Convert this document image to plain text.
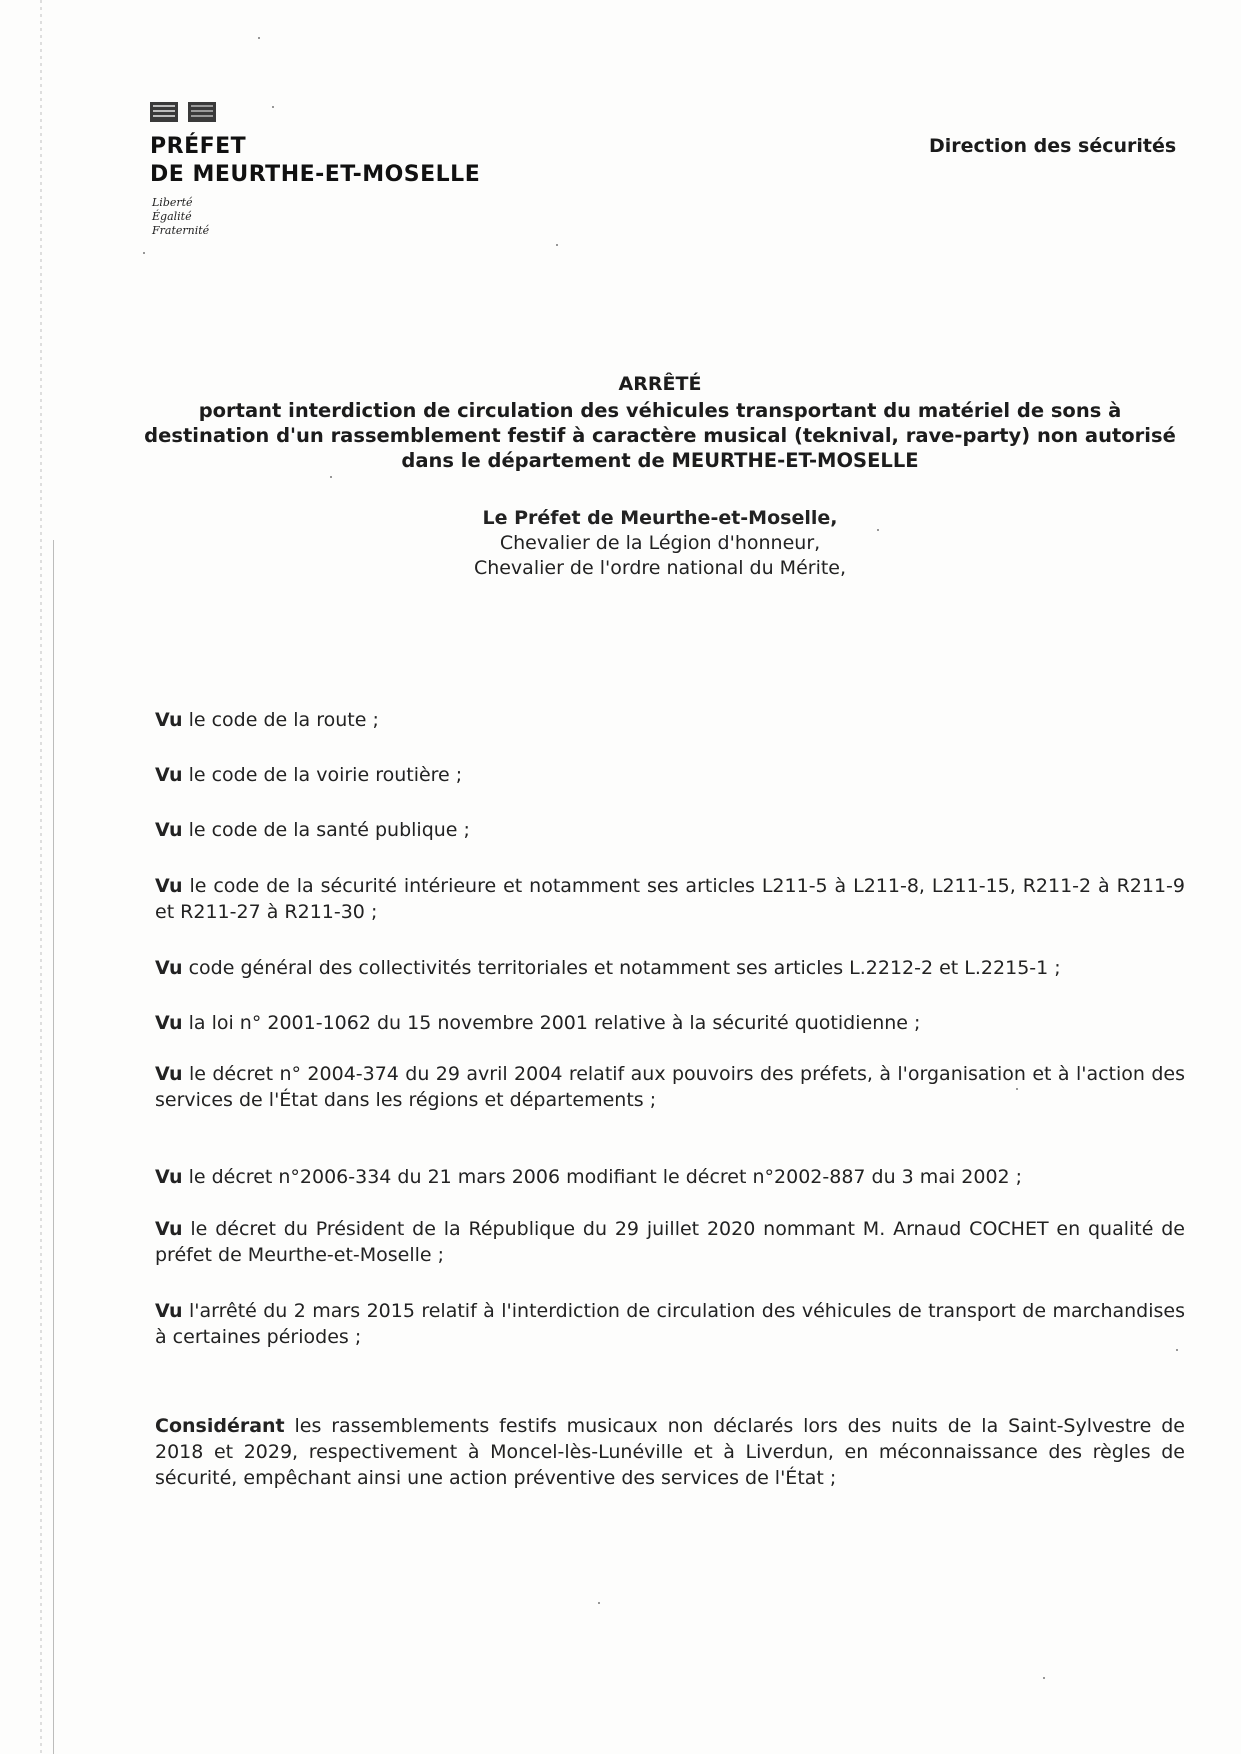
PRÉFET
DE MEURTHE-ET-MOSELLE
Liberté
Égalité
Fraternité
Direction des sécurités
ARRÊTÉ
portant interdiction de circulation des véhicules transportant du matériel de sons à
destination d'un rassemblement festif à caractère musical (teknival, rave-party) non autorisé
dans le département de MEURTHE-ET-MOSELLE
Le Préfet de Meurthe-et-Moselle,
Chevalier de la Légion d'honneur,
Chevalier de l'ordre national du Mérite,
Vu le code de la route ;
Vu le code de la voirie routière ;
Vu le code de la santé publique ;
Vu le code de la sécurité intérieure et notamment ses articles L211-5 à L211-8, L211-15, R211-2 à R211-9 et R211-27 à R211-30 ;
Vu code général des collectivités territoriales et notamment ses articles L.2212-2 et L.2215-1 ;
Vu la loi n° 2001-1062 du 15 novembre 2001 relative à la sécurité quotidienne ;
Vu le décret n° 2004-374 du 29 avril 2004 relatif aux pouvoirs des préfets, à l'organisation et à l'action des services de l'État dans les régions et départements ;
Vu le décret n°2006-334 du 21 mars 2006 modifiant le décret n°2002-887 du 3 mai 2002 ;
Vu le décret du Président de la République du 29 juillet 2020 nommant M. Arnaud COCHET en qualité de préfet de Meurthe-et-Moselle ;
Vu l'arrêté du 2 mars 2015 relatif à l'interdiction de circulation des véhicules de transport de marchandises à certaines périodes ;
Considérant les rassemblements festifs musicaux non déclarés lors des nuits de la Saint-Sylvestre de 2018 et 2029, respectivement à Moncel-lès-Lunéville et à Liverdun, en méconnaissance des règles de sécurité, empêchant ainsi une action préventive des services de l'État ;
